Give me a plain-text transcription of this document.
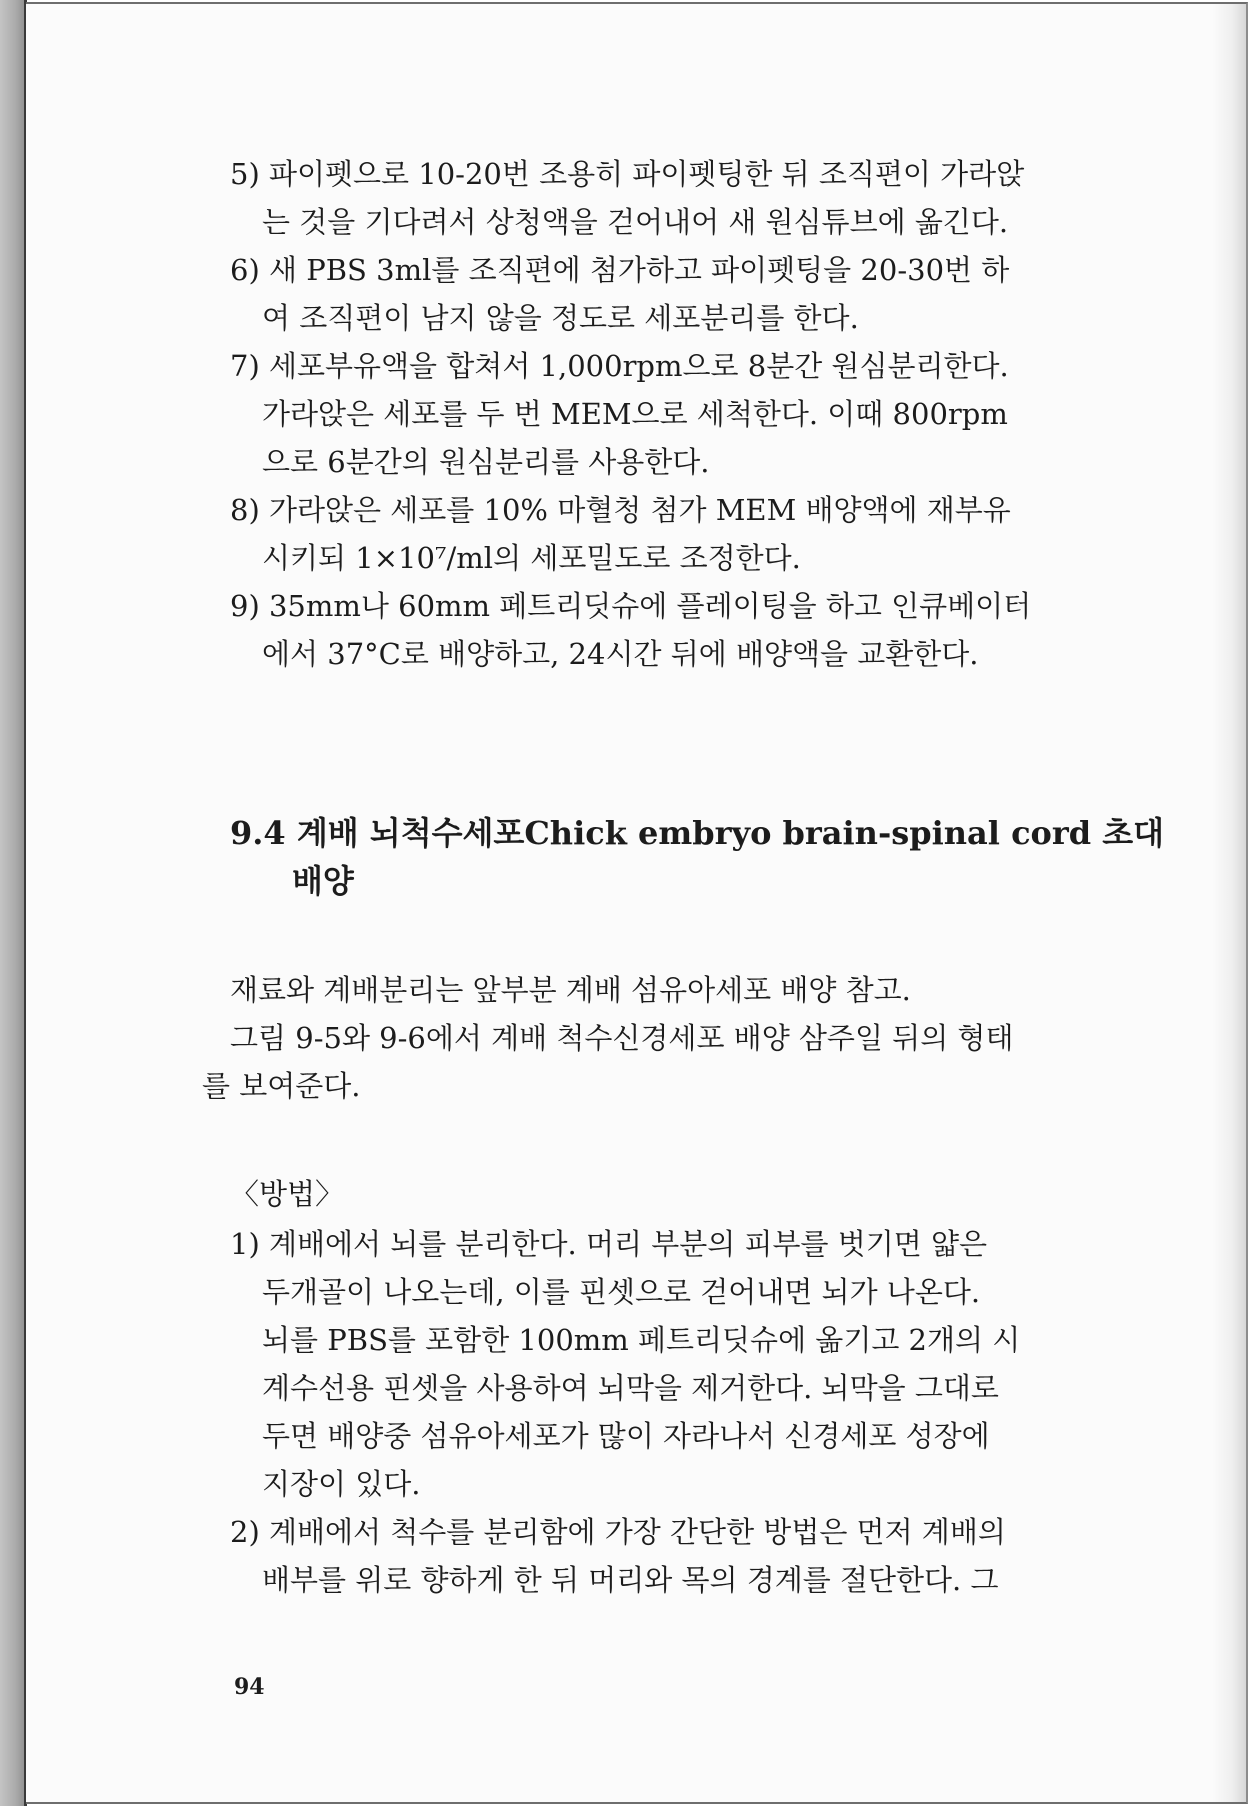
5) 파이펫으로 10-20번 조용히 파이펫팅한 뒤 조직편이 가라앉
는 것을 기다려서 상청액을 걷어내어 새 원심튜브에 옮긴다.
6) 새 PBS 3ml를 조직편에 첨가하고 파이펫팅을 20-30번 하
여 조직편이 남지 않을 정도로 세포분리를 한다.
7) 세포부유액을 합쳐서 1,000rpm으로 8분간 원심분리한다.
가라앉은 세포를 두 번 MEM으로 세척한다. 이때 800rpm
으로 6분간의 원심분리를 사용한다.
8) 가라앉은 세포를 10% 마혈청 첨가 MEM 배양액에 재부유
시키되 1×10⁷/ml의 세포밀도로 조정한다.
9) 35mm나 60mm 페트리딧슈에 플레이팅을 하고 인큐베이터
에서 37°C로 배양하고, 24시간 뒤에 배양액을 교환한다.
9.4 계배 뇌척수세포Chick embryo brain-spinal cord 초대
배양
재료와 계배분리는 앞부분 계배 섬유아세포 배양 참고.
그림 9-5와 9-6에서 계배 척수신경세포 배양 삼주일 뒤의 형태
를 보여준다.
〈방법〉
1) 계배에서 뇌를 분리한다. 머리 부분의 피부를 벗기면 얇은
두개골이 나오는데, 이를 핀셋으로 걷어내면 뇌가 나온다.
뇌를 PBS를 포함한 100mm 페트리딧슈에 옮기고 2개의 시
계수선용 핀셋을 사용하여 뇌막을 제거한다. 뇌막을 그대로
두면 배양중 섬유아세포가 많이 자라나서 신경세포 성장에
지장이 있다.
2) 계배에서 척수를 분리함에 가장 간단한 방법은 먼저 계배의
배부를 위로 향하게 한 뒤 머리와 목의 경계를 절단한다. 그
94
